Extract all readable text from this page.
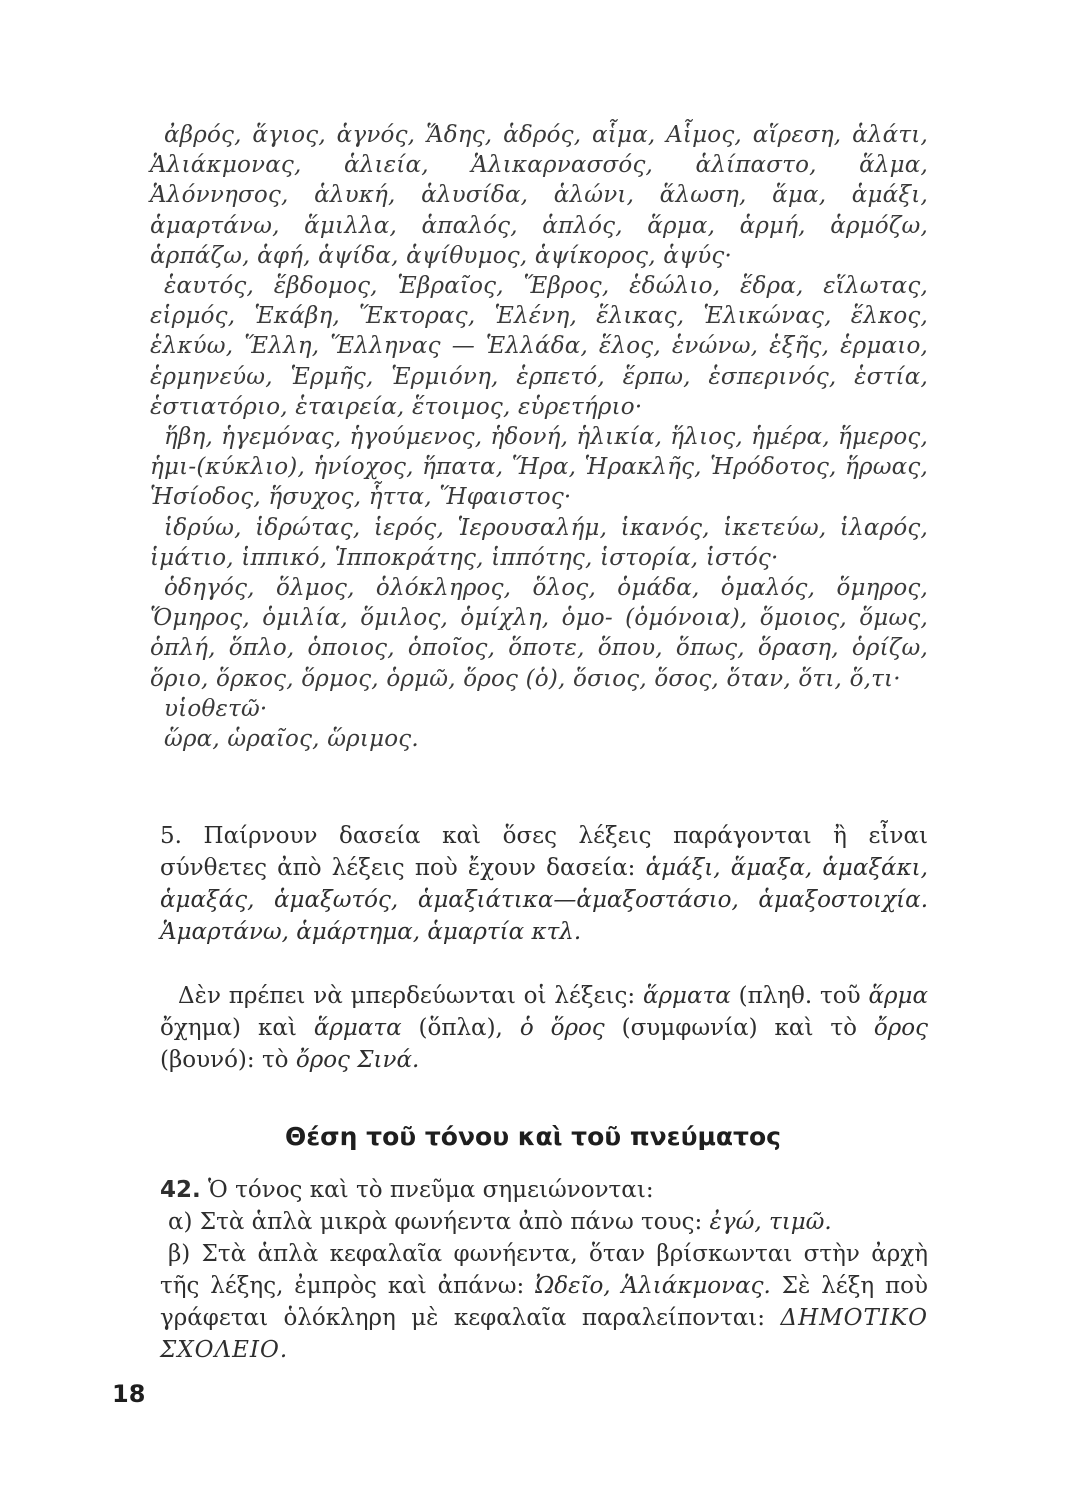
ἀβρός, ἅγιος, ἁγνός, Ἅδης, ἁδρός, αἷμα, Αἷμος, αἵρεση, ἁλάτι, Ἁλιάκμονας, ἁλιεία, Ἁλικαρνασσός, ἁλίπαστο, ἅλμα, Ἁλόννησος, ἁλυκή, ἁλυσίδα, ἁλώνι, ἅλωση, ἅμα, ἁμάξι, ἁμαρτάνω, ἅμιλλα, ἁπαλός, ἁπλός, ἅρμα, ἁρμή, ἁρμόζω, ἁρπάζω, ἁφή, ἁψίδα, ἁψίθυμος, ἁψίκορος, ἁψύς·
ἑαυτός, ἕβδομος, Ἑβραῖος, Ἕβρος, ἑδώλιο, ἕδρα, εἵλωτας, εἱρμός, Ἑκάβη, Ἕκτορας, Ἑλένη, ἕλικας, Ἑλικώνας, ἕλκος, ἑλκύω, Ἕλλη, Ἕλληνας — Ἑλλάδα, ἕλος, ἑνώνω, ἑξῆς, ἑρμαιο, ἑρμηνεύω, Ἑρμῆς, Ἑρμιόνη, ἑρπετό, ἕρπω, ἑσπερινός, ἑστία, ἑστιατόριο, ἑταιρεία, ἕτοιμος, εὑρετήριο·
ἥβη, ἡγεμόνας, ἡγούμενος, ἡδονή, ἡλικία, ἥλιος, ἡμέρα, ἥμερος, ἡμι-(κύκλιο), ἡνίοχος, ἥπατα, Ἥρα, Ἡρακλῆς, Ἡρόδοτος, ἥρωας, Ἡσίοδος, ἥσυχος, ἧττα, Ἥφαιστος·
ἱδρύω, ἱδρώτας, ἱερός, Ἱερουσαλήμ, ἱκανός, ἱκετεύω, ἱλαρός, ἱμάτιο, ἱππικό, Ἱπποκράτης, ἱππότης, ἱστορία, ἱστός·
ὁδηγός, ὅλμος, ὁλόκληρος, ὅλος, ὁμάδα, ὁμαλός, ὅμηρος, Ὅμηρος, ὁμιλία, ὅμιλος, ὁμίχλη, ὁμο- (ὁμόνοια), ὅμοιος, ὅμως, ὁπλή, ὅπλο, ὁποιος, ὁποῖος, ὅποτε, ὅπου, ὅπως, ὅραση, ὁρίζω, ὅριο, ὅρκος, ὅρμος, ὁρμῶ, ὅρος (ὁ), ὅσιος, ὅσος, ὅταν, ὅτι, ὅ,τι·
υἱοθετῶ·
ὥρα, ὡραῖος, ὥριμος.
5. Παίρνουν δασεία καὶ ὅσες λέξεις παράγονται ἢ εἶναι σύνθετες ἀπὸ λέξεις ποὺ ἔχουν δασεία: ἁμάξι, ἅμαξα, ἁμαξάκι, ἁμαξάς, ἁμαξωτός, ἁμαξιάτικα—ἁμαξοστάσιο, ἁμαξοστοιχία. Ἁμαρτάνω, ἁμάρτημα, ἁμαρτία κτλ.
Δὲν πρέπει νὰ μπερδεύωνται οἱ λέξεις: ἅρματα (πληθ. τοῦ ἅρμα ὄχημα) καὶ ἅρματα (ὅπλα), ὁ ὅρος (συμφωνία) καὶ τὸ ὄρος (βουνό): τὸ ὄρος Σινά.
Θέση τοῦ τόνου καὶ τοῦ πνεύματος
42. Ὁ τόνος καὶ τὸ πνεῦμα σημειώνονται:
α) Στὰ ἁπλὰ μικρὰ φωνήεντα ἀπὸ πάνω τους: ἐγώ, τιμῶ.
β) Στὰ ἁπλὰ κεφαλαῖα φωνήεντα, ὅταν βρίσκωνται στὴν ἀρχὴ τῆς λέξης, ἐμπρὸς καὶ ἀπάνω: Ὠδεῖο, Ἁλιάκμονας. Σὲ λέξη ποὺ γράφεται ὁλόκληρη μὲ κεφαλαῖα παραλείπονται: ΔΗΜΟΤΙΚΟ ΣΧΟΛΕΙΟ.
18
